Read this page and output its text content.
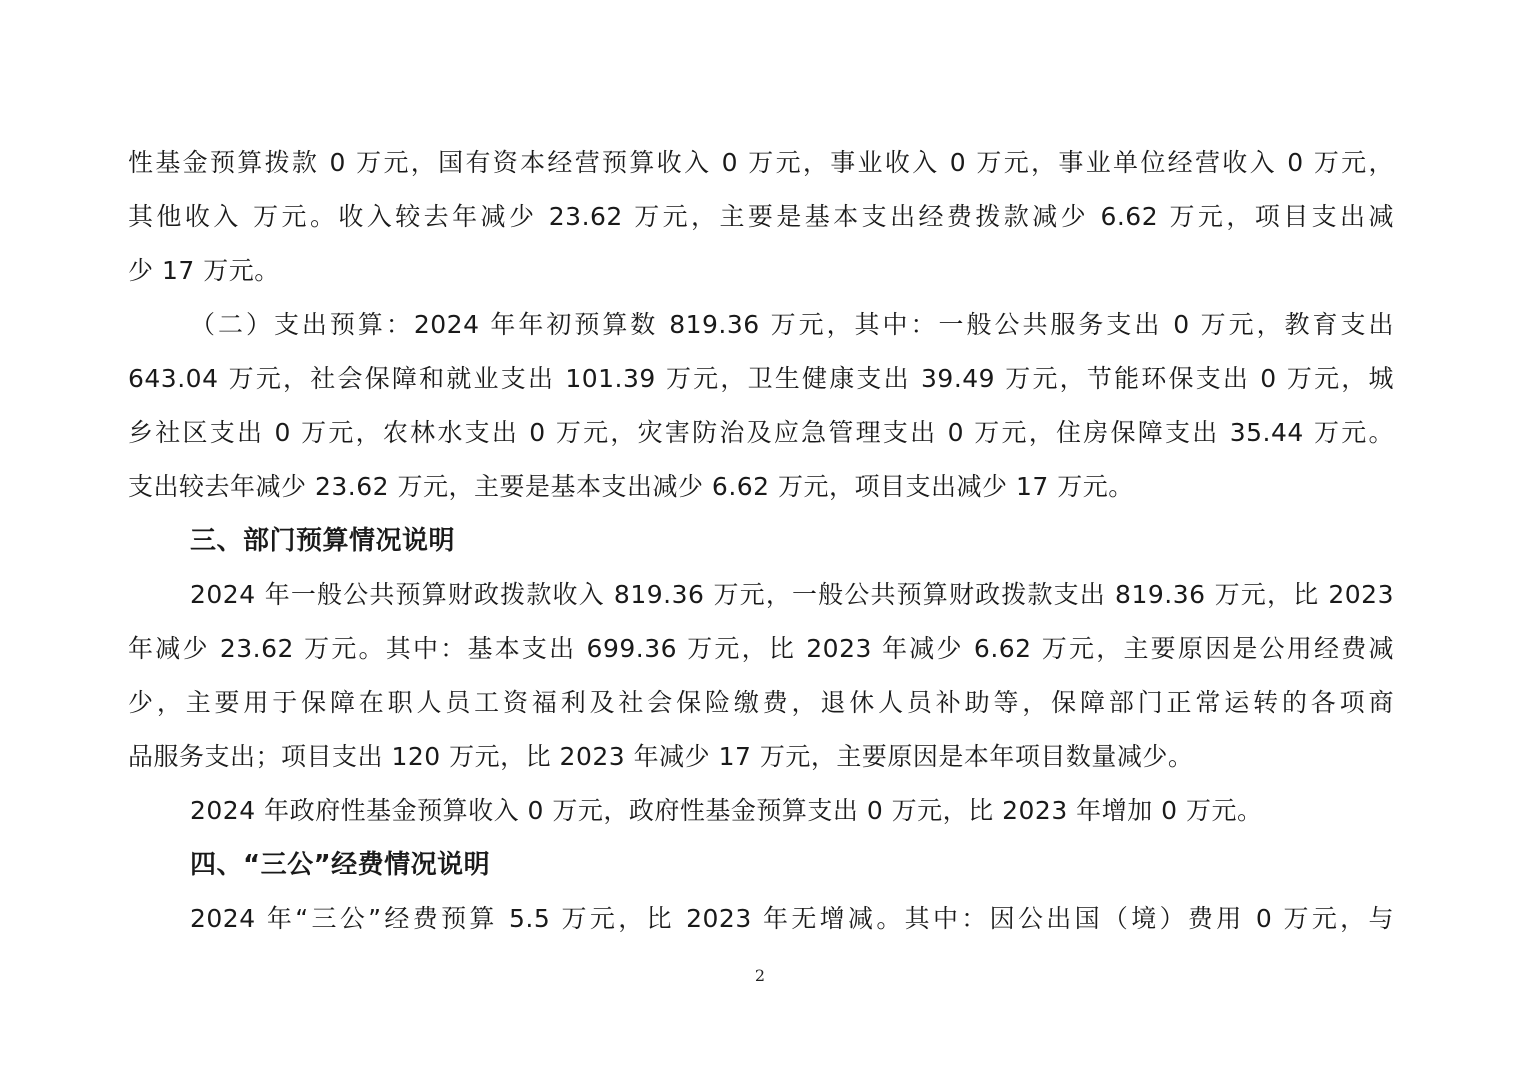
性基金预算拨款 0 万元，国有资本经营预算收入 0 万元，事业收入 0 万元，事业单位经营收入 0 万元，
其他收入 万元。收入较去年减少 23.62 万元，主要是基本支出经费拨款减少 6.62 万元，项目支出减
少 17 万元。
（二）支出预算：2024 年年初预算数 819.36 万元，其中：一般公共服务支出 0 万元，教育支出
643.04 万元，社会保障和就业支出 101.39 万元，卫生健康支出 39.49 万元，节能环保支出 0 万元，城
乡社区支出 0 万元，农林水支出 0 万元，灾害防治及应急管理支出 0 万元，住房保障支出 35.44 万元。
支出较去年减少 23.62 万元，主要是基本支出减少 6.62 万元，项目支出减少 17 万元。
三、部门预算情况说明
2024 年一般公共预算财政拨款收入 819.36 万元，一般公共预算财政拨款支出 819.36 万元，比 2023
年减少 23.62 万元。其中：基本支出 699.36 万元，比 2023 年减少 6.62 万元，主要原因是公用经费减
少，主要用于保障在职人员工资福利及社会保险缴费，退休人员补助等，保障部门正常运转的各项商
品服务支出；项目支出 120 万元，比 2023 年减少 17 万元，主要原因是本年项目数量减少。
2024 年政府性基金预算收入 0 万元，政府性基金预算支出 0 万元，比 2023 年增加 0 万元。
四、“三公”经费情况说明
2024 年“三公”经费预算 5.5 万元，比 2023 年无增减。其中：因公出国（境）费用 0 万元，与
2
